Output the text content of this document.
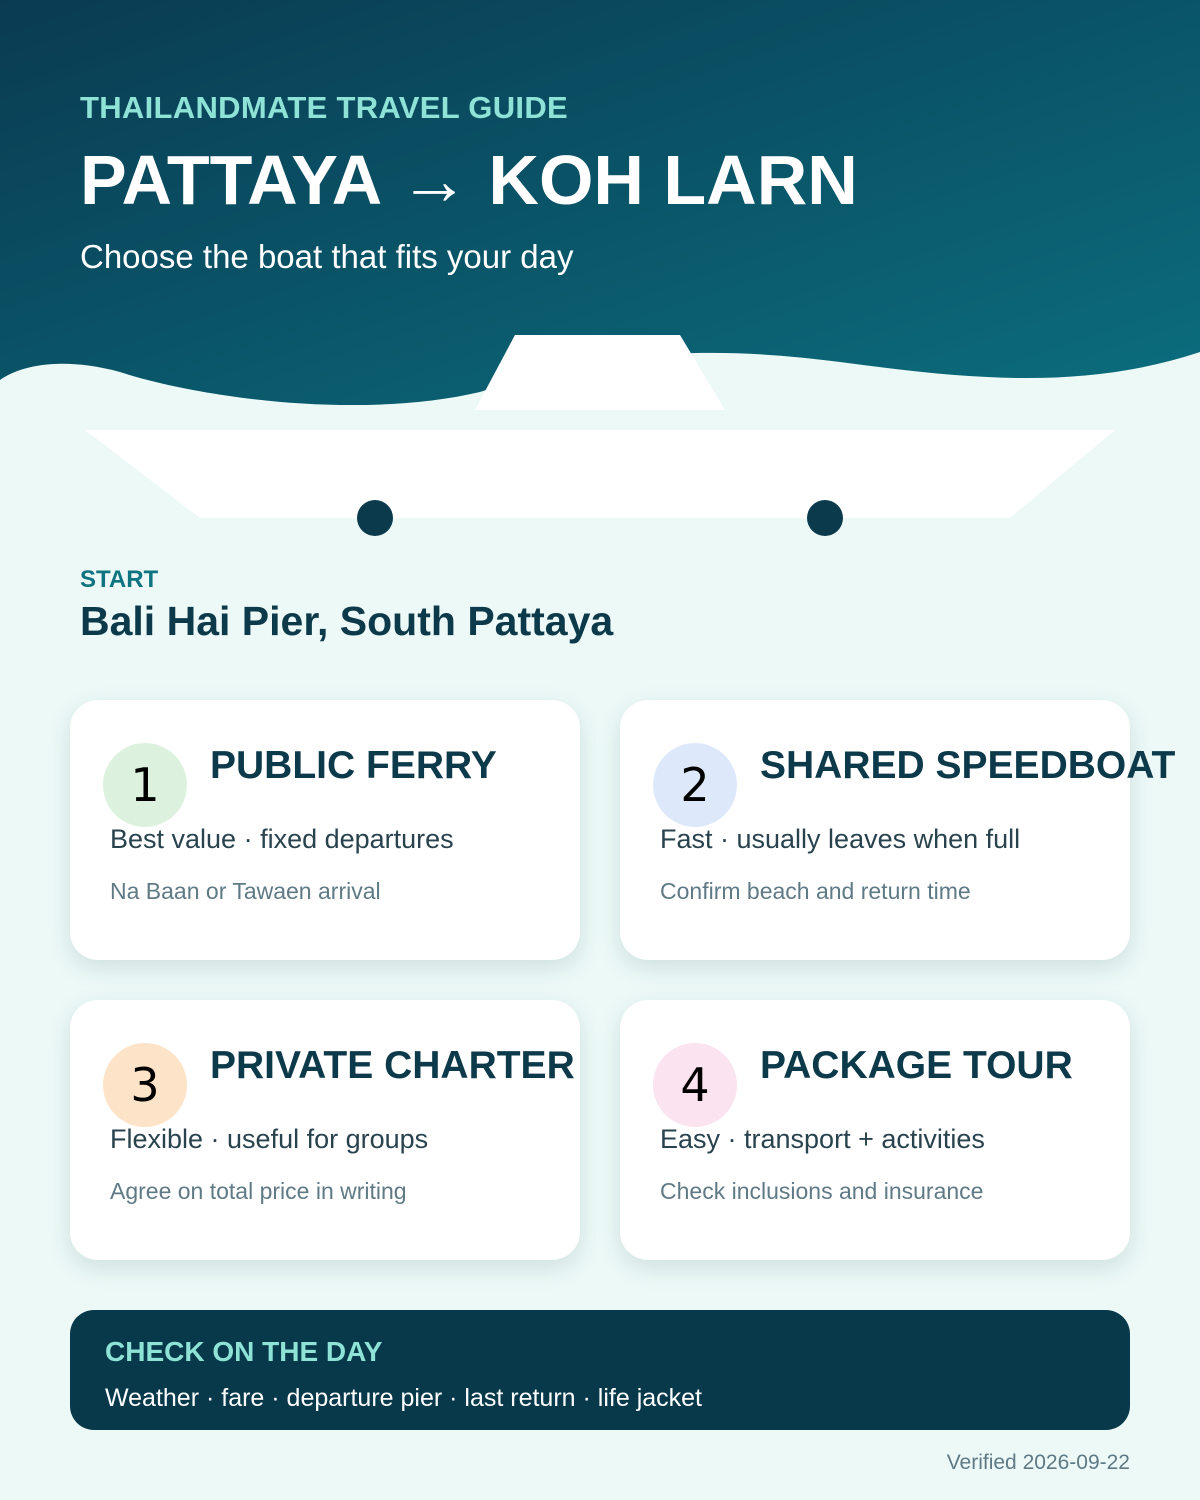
THAILANDMATE TRAVEL GUIDE
PATTAYA → KOH LARN
Choose the boat that fits your day
START
Bali Hai Pier, South Pattaya
1	PUBLIC FERRY
Best value · fixed departures
Na Baan or Tawaen arrival
2	SHARED SPEEDBOAT
Fast · usually leaves when full
Confirm beach and return time
3	PRIVATE CHARTER
Flexible · useful for groups
Agree on total price in writing
4	PACKAGE TOUR
Easy · transport + activities
Check inclusions and insurance
CHECK ON THE DAY
Weather · fare · departure pier · last return · life jacket
Verified 2026-09-22
